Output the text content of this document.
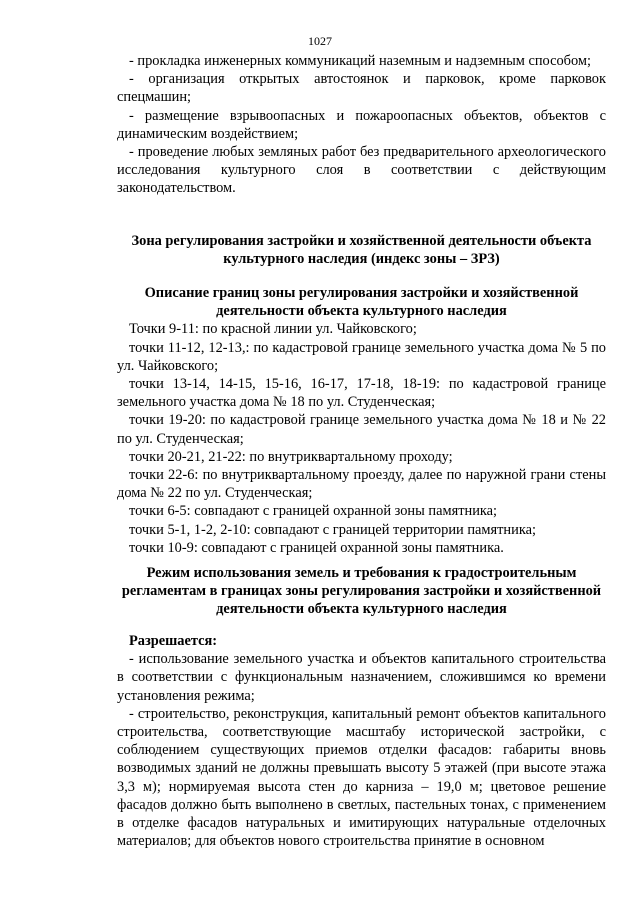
1027

- прокладка инженерных коммуникаций наземным и надземным способом;

- организация открытых автостоянок и парковок, кроме парковок спецмашин;

- размещение взрывоопасных и пожароопасных объектов, объектов с динамическим воздействием;

- проведение любых земляных работ без предварительного археологического исследования культурного слоя в соответствии с действующим законодательством.

Зона регулирования застройки и хозяйственной деятельности объекта культурного наследия (индекс зоны – ЗРЗ)

Описание границ зоны регулирования застройки и хозяйственной деятельности объекта культурного наследия

Точки 9-11: по красной линии ул. Чайковского;

точки 11-12, 12-13,: по кадастровой границе земельного участка дома № 5 по ул. Чайковского;

точки 13-14, 14-15, 15-16, 16-17, 17-18, 18-19: по кадастровой границе земельного участка дома № 18 по ул. Студенческая;

точки 19-20: по кадастровой границе земельного участка дома № 18 и № 22 по ул. Студенческая;

точки 20-21, 21-22: по внутриквартальному проходу;

точки 22-6: по внутриквартальному проезду, далее по наружной грани стены дома № 22 по ул. Студенческая;

точки 6-5: совпадают с границей охранной зоны памятника;

точки 5-1, 1-2, 2-10: совпадают с границей территории памятника;

точки 10-9: совпадают с границей охранной зоны памятника.

Режим использования земель и требования к градостроительным регламентам в границах зоны регулирования застройки и хозяйственной деятельности объекта культурного наследия

Разрешается:

- использование земельного участка и объектов капитального строительства в соответствии с функциональным назначением, сложившимся ко времени установления режима;

- строительство, реконструкция, капитальный ремонт объектов капитального строительства, соответствующие масштабу исторической застройки, с соблюдением существующих приемов отделки фасадов: габариты вновь возводимых зданий не должны превышать высоту 5 этажей (при высоте этажа 3,3 м); нормируемая высота стен до карниза – 19,0 м; цветовое решение фасадов должно быть выполнено в светлых, пастельных тонах, с применением в отделке фасадов натуральных и имитирующих натуральные отделочных материалов; для объектов нового строительства принятие в основном
